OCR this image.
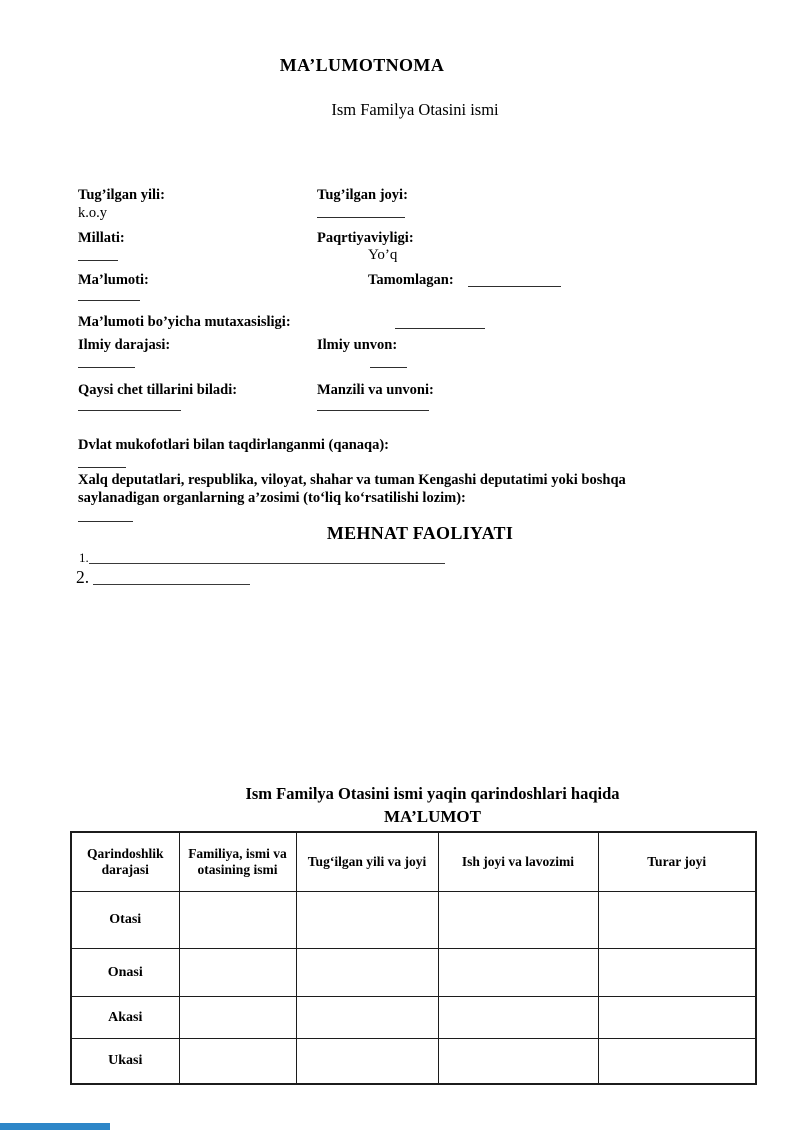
MA’LUMOTNOMA
Ism Familya Otasini ismi
Tug’ilgan yili:
k.o.y
Tug’ilgan joyi:
Millati:	Paqrtiyaviyligi:
Yo’q
Ma’lumoti:	Tamomlagan:
Ma’lumoti bo’yicha mutaxasisligi:
Ilmiy darajasi:	Ilmiy unvon:
Qaysi chet tillarini biladi:	Manzili va unvoni:
Dvlat mukofotlari bilan taqdirlanganmi (qanaqa):
Xalq deputatlari, respublika, viloyat, shahar va tuman Kengashi deputatimi yoki boshqa saylanadigan organlarning a’zosimi (toʻliq koʻrsatilishi lozim):
MEHNAT FAOLIYATI
1.
2.
Ism Familya Otasini ismi yaqin qarindoshlari haqida
MA’LUMOT
Qarindoshlik darajasi	Familiya, ismi va otasining ismi	Tugʻilgan yili va joyi	Ish joyi va lavozimi	Turar joyi
Otasi				
Onasi				
Akasi				
Ukasi				
